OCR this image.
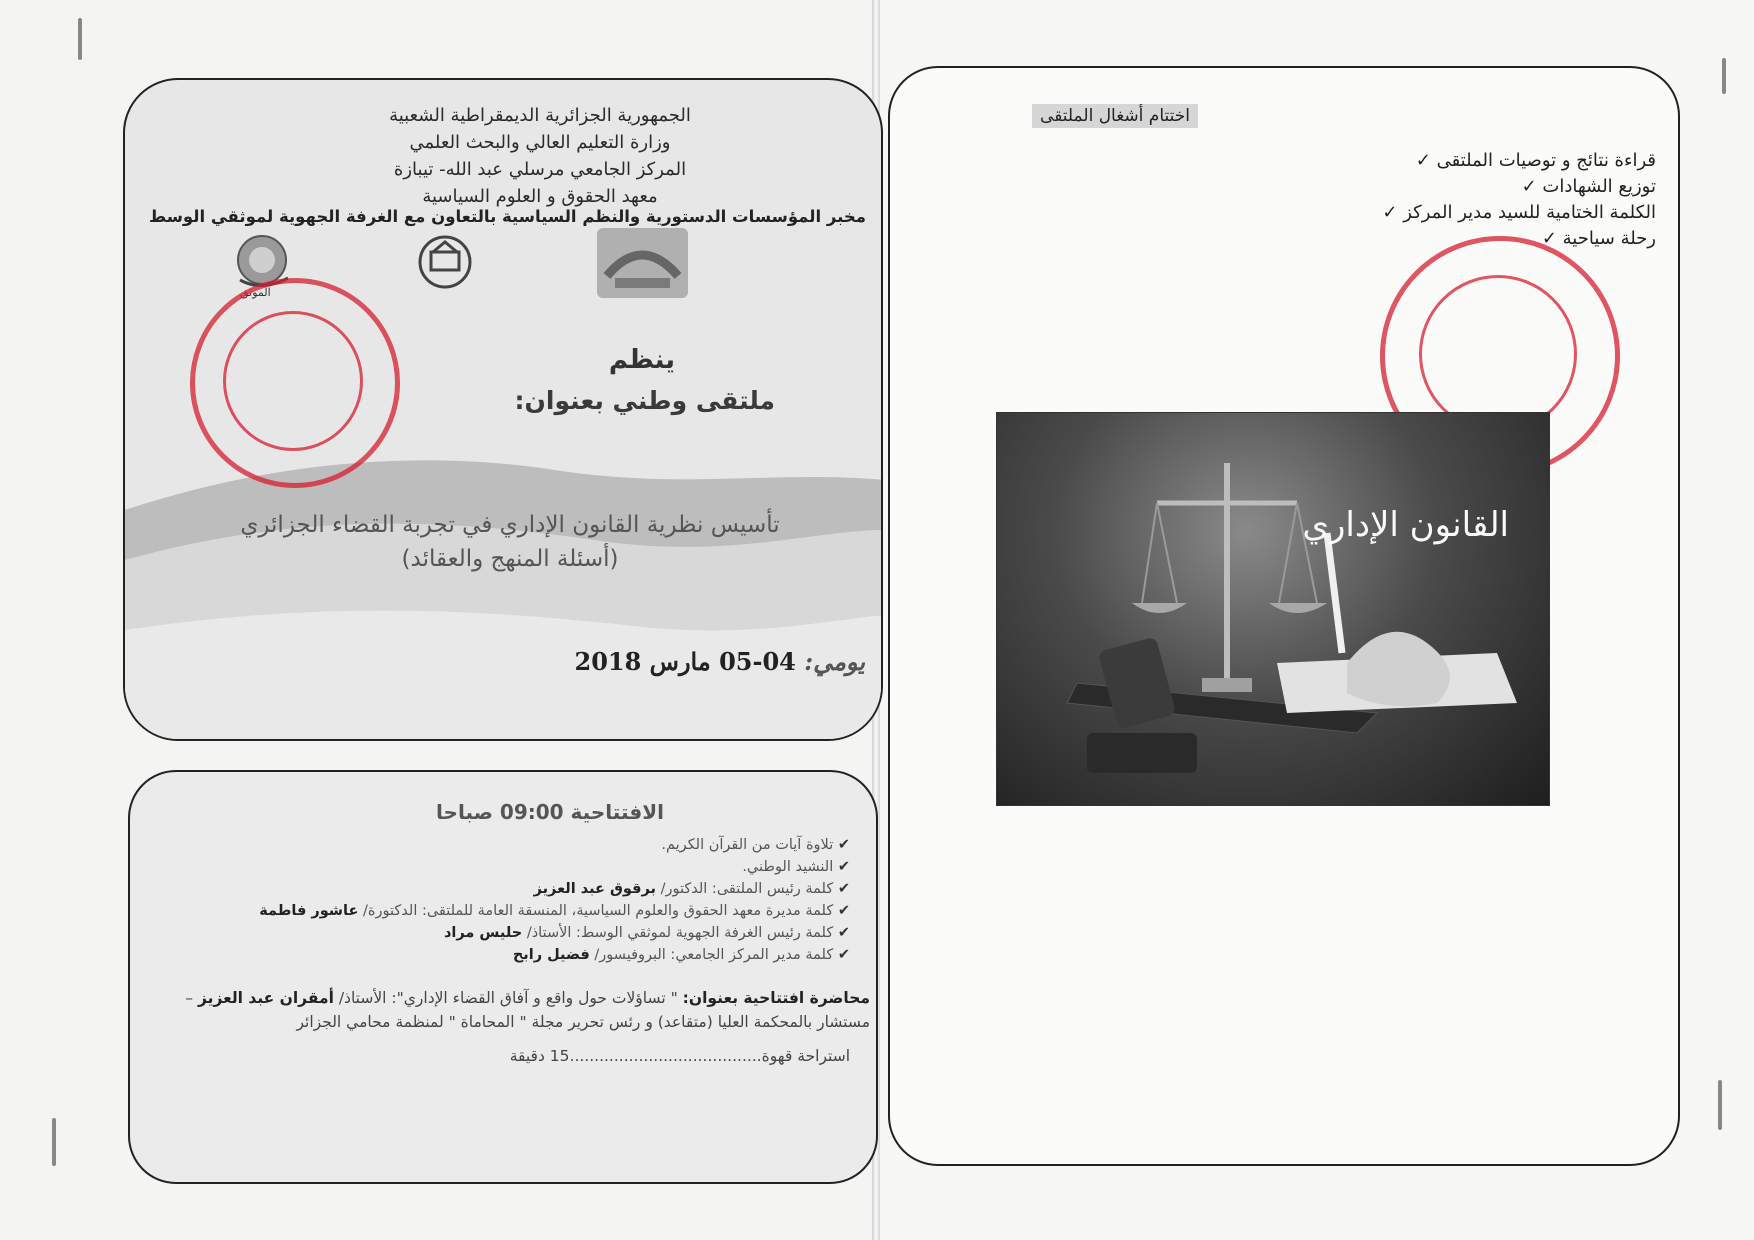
الجمهورية الجزائرية الديمقراطية الشعبية
وزارة التعليم العالي والبحث العلمي
المركز الجامعي مرسلي عبد الله- تيبازة
معهد الحقوق و العلوم السياسية
مخبر المؤسسات الدستورية والنظم السياسية بالتعاون مع الغرفة الجهوية لموثقي الوسط
الموثق
ينظم
ملتقى وطني بعنوان:
تأسيس نظرية القانون الإداري في تجربة القضاء الجزائري
(أسئلة المنهج والعقائد)
يومي: 04-05 مارس 2018
الافتتاحية 09:00 صباحا
✔ تلاوة آيات من القرآن الكريم.
✔ النشيد الوطني.
✔ كلمة رئيس الملتقى: الدكتور/ برقوق عبد العزيز
✔ كلمة مديرة معهد الحقوق والعلوم السياسية، المنسقة العامة للملتقى: الدكتورة/ عاشور فاطمة
✔ كلمة رئيس الغرفة الجهوية لموثقي الوسط: الأستاذ/ حليس مراد
✔ كلمة مدير المركز الجامعي: البروفيسور/ فضيل رابح
محاضرة افتتاحية بعنوان: " تساؤلات حول واقع و آفاق القضاء الإداري": الأستاذ/ أمقران عبد العزيز – مستشار بالمحكمة العليا (متقاعد) و رئس تحرير مجلة " المحاماة " لمنظمة محامي الجزائر
استراحة قهوة.......................................15 دقيقة
اختتام أشغال الملتقى
قراءة نتائج و توصيات الملتقى ✓
توزيع الشهادات ✓
الكلمة الختامية للسيد مدير المركز ✓
رحلة سياحية ✓
القانون الإداري
